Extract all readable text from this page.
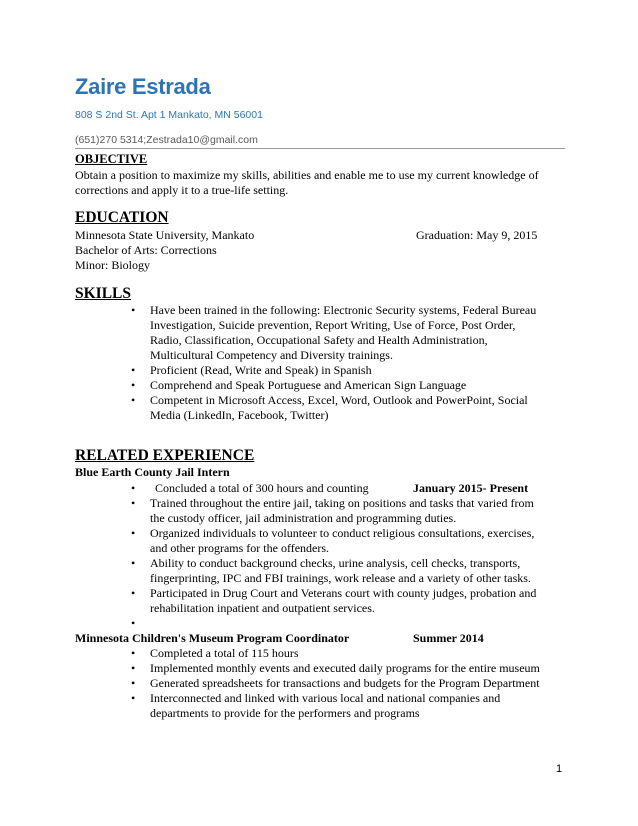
Zaire Estrada
808 S 2nd St. Apt 1 Mankato, MN 56001
(651)270 5314;Zestrada10@gmail.com
OBJECTIVE
Obtain a position to maximize my skills, abilities and enable me to use my current knowledge of
corrections and apply it to a true-life setting.
EDUCATION
Minnesota State University, Mankato	Graduation: May 9, 2015
Bachelor of Arts: Corrections
Minor: Biology
SKILLS
• Have been trained in the following: Electronic Security systems, Federal Bureau
Investigation, Suicide prevention, Report Writing, Use of Force, Post Order,
Radio, Classification, Occupational Safety and Health Administration,
Multicultural Competency and Diversity trainings.
• Proficient (Read, Write and Speak) in Spanish
• Comprehend and Speak Portuguese and American Sign Language
• Competent in Microsoft Access, Excel, Word, Outlook and PowerPoint, Social
Media (LinkedIn, Facebook, Twitter)
RELATED EXPERIENCE
Blue Earth County Jail Intern
• Concluded a total of 300 hours and counting	January 2015- Present
• Trained throughout the entire jail, taking on positions and tasks that varied from
the custody officer, jail administration and programming duties.
• Organized individuals to volunteer to conduct religious consultations, exercises,
and other programs for the offenders.
• Ability to conduct background checks, urine analysis, cell checks, transports,
fingerprinting, IPC and FBI trainings, work release and a variety of other tasks.
• Participated in Drug Court and Veterans court with county judges, probation and
rehabilitation inpatient and outpatient services.
•
Minnesota Children's Museum Program Coordinator	Summer 2014
• Completed a total of 115 hours
• Implemented monthly events and executed daily programs for the entire museum
• Generated spreadsheets for transactions and budgets for the Program Department
• Interconnected and linked with various local and national companies and
departments to provide for the performers and programs
1
